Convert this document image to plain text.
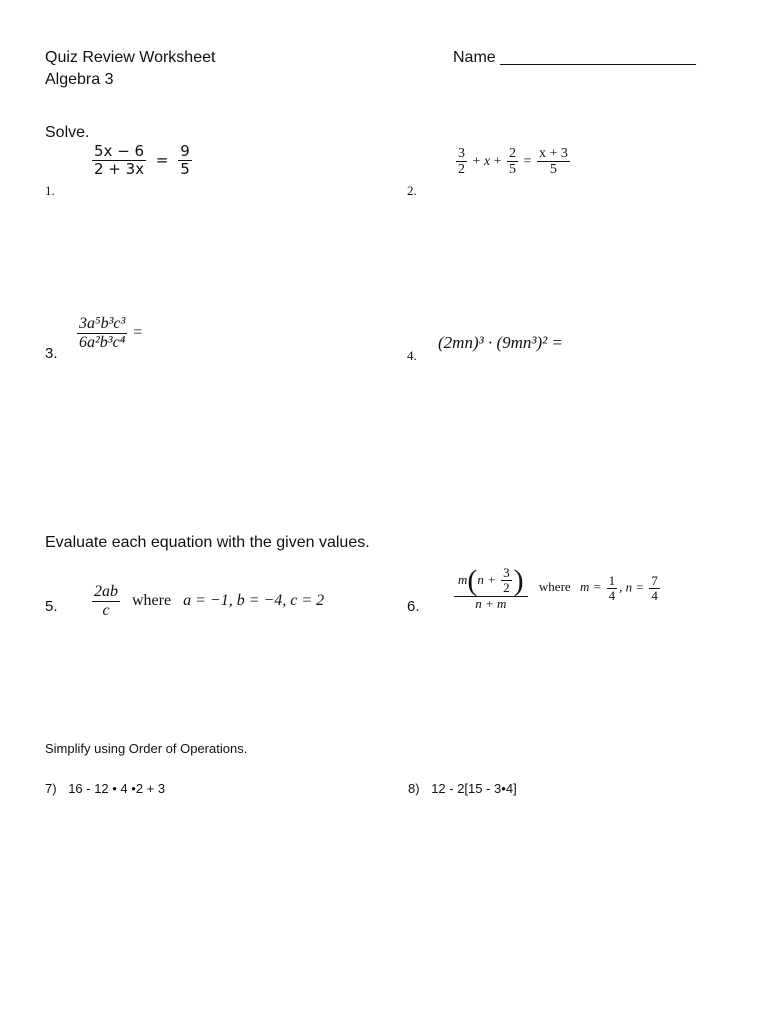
Quiz Review Worksheet
Algebra 3
Name ______________________
Solve.
1.
$\frac{5x - 6}{2 + 3x} = \frac{9}{5}$
2.
$\frac{3}{2} + x + \frac{2}{5} = \frac{x + 3}{5}$
3.
$\frac{\text{3a⁵b³c³}}{\text{6a²b³c⁴}}$ =
4.
(2mn)³ · (9mn³)² =
Evaluate each equation with the given values.
5. $\frac{2ab}{c}$ where a = −1, b = −4, c = 2	6.	$\frac{m(n + \frac{3}{2} )}{n + m}$ where $m = \frac{1}{4}$ , $n = \frac{7}{4}$
Simplify using Order of Operations.
7) 16 - 12 • 4 •2 + 3	8) 12 - 2[15 - 3•4]
